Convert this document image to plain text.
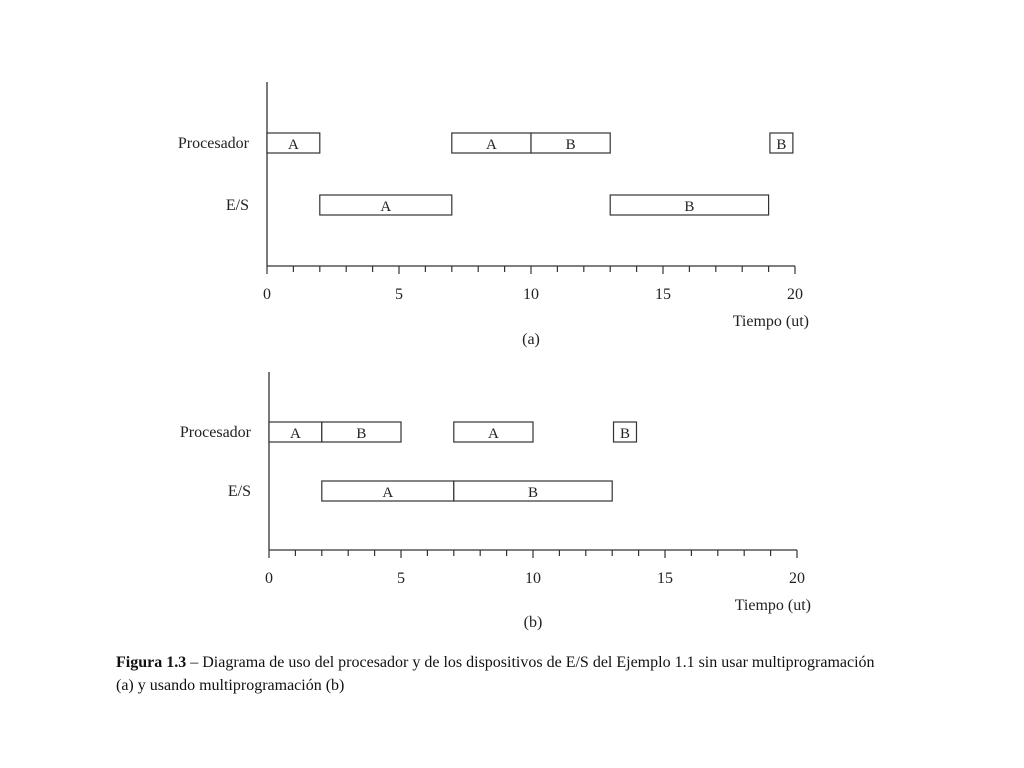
0	5	10	15	20
Tiempo (ut)
(a)
Procesador
E/S
A	A	B	B
A	B
0	5	10	15	20
Tiempo (ut)
(b)
Procesador
E/S
A	B	A	B
A	B
Figura 1.3 – Diagrama de uso del procesador y de los dispositivos de E/S del Ejemplo 1.1 sin usar multiprogramación (a) y usando multiprogramación (b)
